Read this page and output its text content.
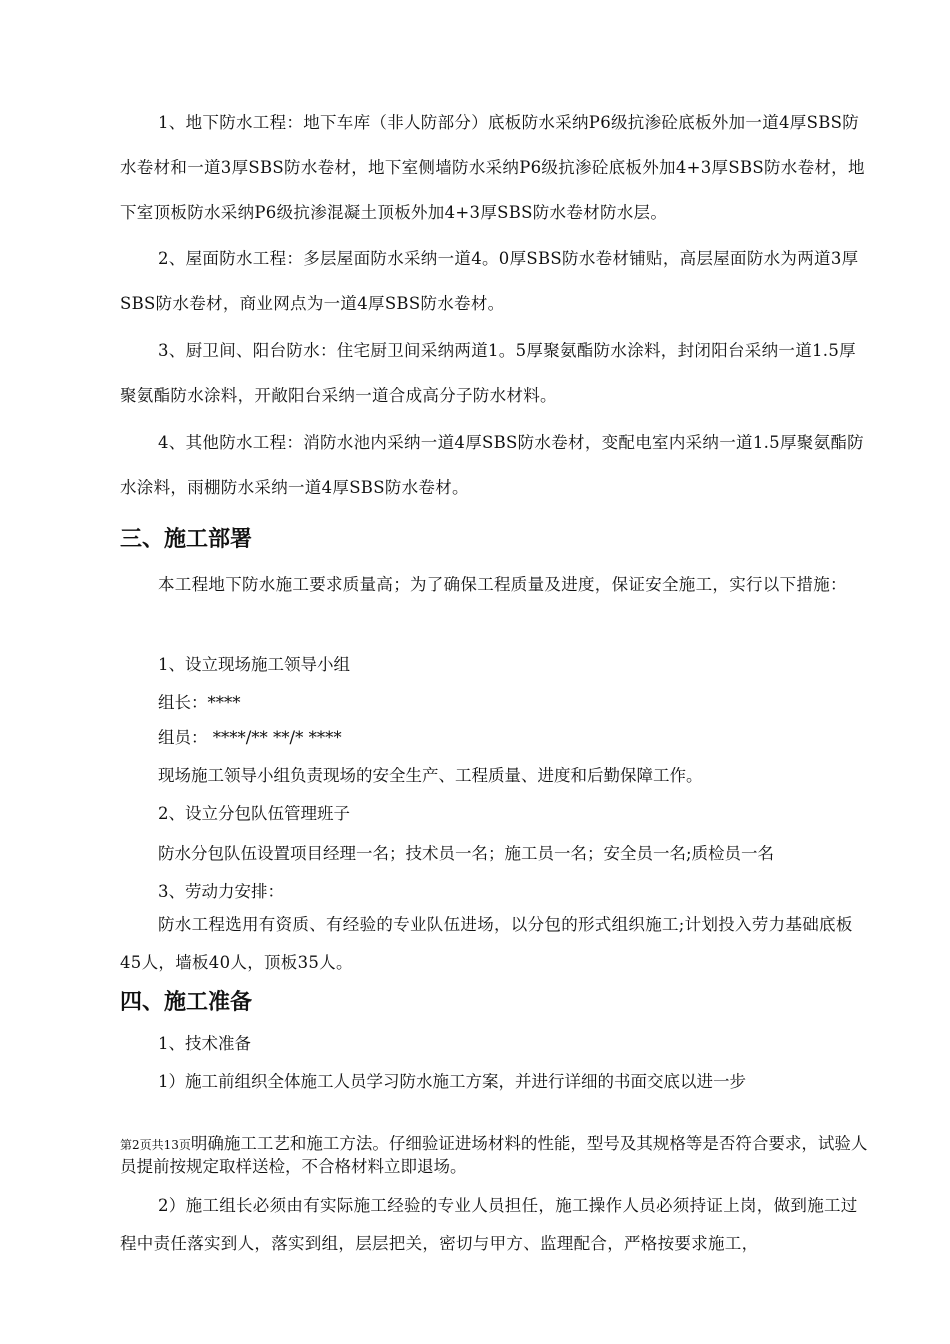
1、地下防水工程：地下车库（非人防部分）底板防水采纳P6级抗渗砼底板外加一道4厚SBS防水卷材和一道3厚SBS防水卷材，地下室侧墙防水采纳P6级抗渗砼底板外加4+3厚SBS防水卷材，地下室顶板防水采纳P6级抗渗混凝土顶板外加4+3厚SBS防水卷材防水层。

2、屋面防水工程：多层屋面防水采纳一道4。0厚SBS防水卷材铺贴，高层屋面防水为两道3厚SBS防水卷材，商业网点为一道4厚SBS防水卷材。

3、厨卫间、阳台防水：住宅厨卫间采纳两道1。5厚聚氨酯防水涂料，封闭阳台采纳一道1.5厚聚氨酯防水涂料，开敞阳台采纳一道合成高分子防水材料。

4、其他防水工程：消防水池内采纳一道4厚SBS防水卷材，变配电室内采纳一道1.5厚聚氨酯防水涂料，雨棚防水采纳一道4厚SBS防水卷材。

三、施工部署

本工程地下防水施工要求质量高；为了确保工程质量及进度，保证安全施工，实行以下措施：

1、设立现场施工领导小组

组长：****

组员： ****/** **/* ****

现场施工领导小组负责现场的安全生产、工程质量、进度和后勤保障工作。

2、设立分包队伍管理班子

防水分包队伍设置项目经理一名；技术员一名；施工员一名；安全员一名;质检员一名

3、劳动力安排：

防水工程选用有资质、有经验的专业队伍进场，以分包的形式组织施工;计划投入劳力基础底板45人，墙板40人，顶板35人。

四、施工准备

1、技术准备

1）施工前组织全体施工人员学习防水施工方案，并进行详细的书面交底以进一步

第2页共13页明确施工工艺和施工方法。仔细验证进场材料的性能，型号及其规格等是否符合要求，试验人员提前按规定取样送检，不合格材料立即退场。

2）施工组长必须由有实际施工经验的专业人员担任，施工操作人员必须持证上岗，做到施工过程中责任落实到人，落实到组，层层把关，密切与甲方、监理配合，严格按要求施工，
